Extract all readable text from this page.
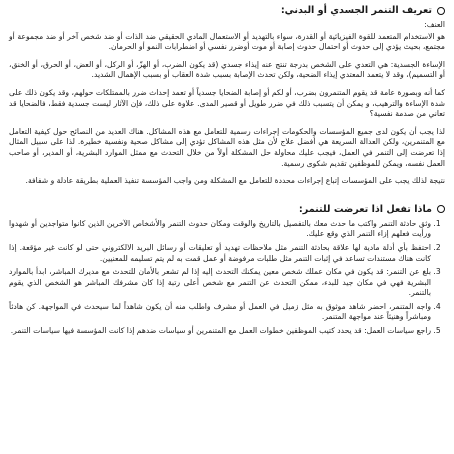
تعريف التنمر الجسدي أو البدني:
العنف:

هو الاستخدام المتعمد للقوة الفيزيائية أو القدرة، سواء بالتهديد أو الاستعمال المادي الحقيقي ضد الذات أو ضد شخص آخر أو ضد مجموعة أو مجتمع، بحيث يؤدي إلى حدوث أو احتمال حدوث إصابة أو موت أوضرر نفسي أو اضطرابات النمو أو الحرمان.

الإساءة الجسدية: هي التعدي على الشخص بدرجة تنتج عنه إيذاء جسدي (قد يكون الضرب، أو الهزّ، أو الركل، أو العض، أو الحرق، أو الخنق، أو التسميم)، وقد لا يتعمد المعتدي إيذاء الضحية، ولكن تحدث الإصابة بسبب شدة العقاب أو بسبب الإهمال الشديد.

كما أنه وبصورة عامة قد يقوم المتنمرون بضرب، أو لكم أو إصابة الضحايا جسدياً أو تعمد إحداث ضرر بالممتلكات حولهم، وقد يكون ذلك على شدة الإساءة والترهيب، و يمكن أن يتسبب ذلك في ضرر طويل أو قصير المدى. علاوة على ذلك، فإن الآثار ليست جسدية فقط، فالضحايا قد تعاني من صدمة نفسية؟

لذا يجب أن يكون لدى جميع المؤسسات والحكومات إجراءات رسمية للتعامل مع هذه المشاكل. هناك العديد من النصائح حول كيفية التعامل مع المتنمرين، ولكن العدالة السريعة هي أفضل علاج لأن مثل هذه المشاكل تؤدي إلى مشاكل صحية ونفسية خطيرة. لذا على سبيل المثال إذا تعرضت إلى التنمر في العمل، فيجب عليك محاولة حل المشكلة أولاً من خلال التحدث مع ممثل الموارد البشرية، أو المدير، أو صاحب العمل نفسه، ويمكن للموظفين تقديم شكوى رسمية.

نتيجة لذلك يجب على المؤسسات إتباع إجراءات محددة للتعامل مع المشكلة ومن واجب المؤسسة تنفيذ العملية بطريقة عادلة و شفافة.

ماذا تفعل اذا تعرضت للتنمر:
1. وثق حادثة التنمر واكتب ما حدث معك بالتفصيل بالتاريخ والوقت ومكان حدوث التنمر والأشخاص الآخرين الذين كانوا متواجدين أو شهدوا ورأيت فعلهم إزاء التنمر الذي وقع عليك.
2. احتفظ بأي أدلة مادية لها علاقة بحادثة التنمر مثل ملاحظات تهديد أو تعليقات أو رسائل البريد الالكتروني حتى لو كانت غير مؤقعة. إذا كانت هناك مستندات تساعد في إثبات التنمر مثل طلبات مرفوضة أو عمل قمت به لم يتم تسليمه للمعنيين.
3. بلغ عن التنمر: قد يكون في مكان عملك شخص معين يمكنك التحدث إليه إذا لم تشعر بالأمان للتحدث مع مديرك المباشر، ابدأ بالموارد البشرية فهي في مكان جيد للبدء، ممكن التحدث عن التنمر مع شخص أعلى رتبة إذا كان مشرفك المباشر هو الشخص الذي يقوم بالتنمر.
4. واجه المتنمر، احضر شاهد موثوق به مثل زميل في العمل أو مشرف واطلب منه أن يكون شاهداً لما سيحدث في المواجهة. كن هادئاً ومباشراً وهنيئاً عند مواجهة المتنمر.
5. راجع سياسات العمل: قد يحدد كتيب الموظفين خطوات العمل مع المتنمرين أو سياسات ضدهم إذا كانت المؤسسة فيها سياسات التنمر.
